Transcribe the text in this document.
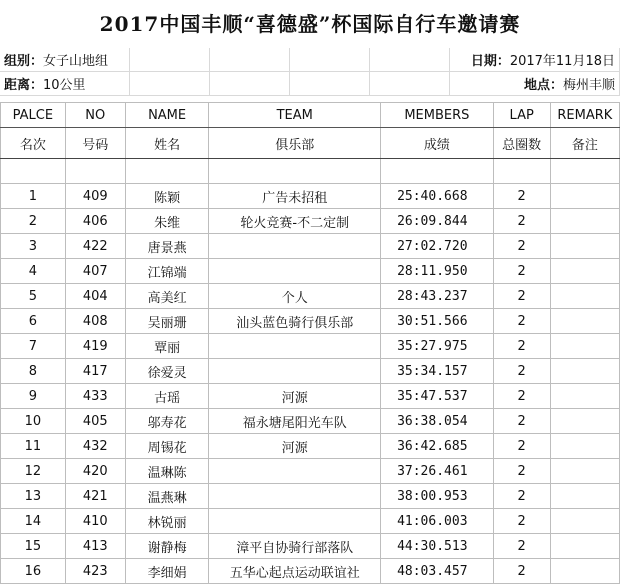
2017中国丰顺“喜德盛”杯国际自行车邀请赛
组别：女子山地组					日期：2017年11月18日
距离：10公里					地点：梅州丰顺
PALCE	NO	NAME	TEAM	MEMBERS	LAP	REMARK
名次	号码	姓名	俱乐部	成绩	总圈数	备注

1	409	陈颖	广告未招租	25:40.668	2	
2	406	朱维	轮火竞赛-不二定制	26:09.844	2	
3	422	唐景燕		27:02.720	2	
4	407	江锦端		28:11.950	2	
5	404	高美红	个人	28:43.237	2	
6	408	吴丽珊	汕头蓝色骑行俱乐部	30:51.566	2	
7	419	覃丽		35:27.975	2	
8	417	徐爱灵		35:34.157	2	
9	433	古瑶	河源	35:47.537	2	
10	405	邬寿花	福永塘尾阳光车队	36:38.054	2	
11	432	周锡花	河源	36:42.685	2	
12	420	温琳陈		37:26.461	2	
13	421	温燕琳		38:00.953	2	
14	410	林锐丽		41:06.003	2	
15	413	谢静梅	漳平自协骑行部落队	44:30.513	2	
16	423	李细娟	五华心起点运动联谊社	48:03.457	2	
